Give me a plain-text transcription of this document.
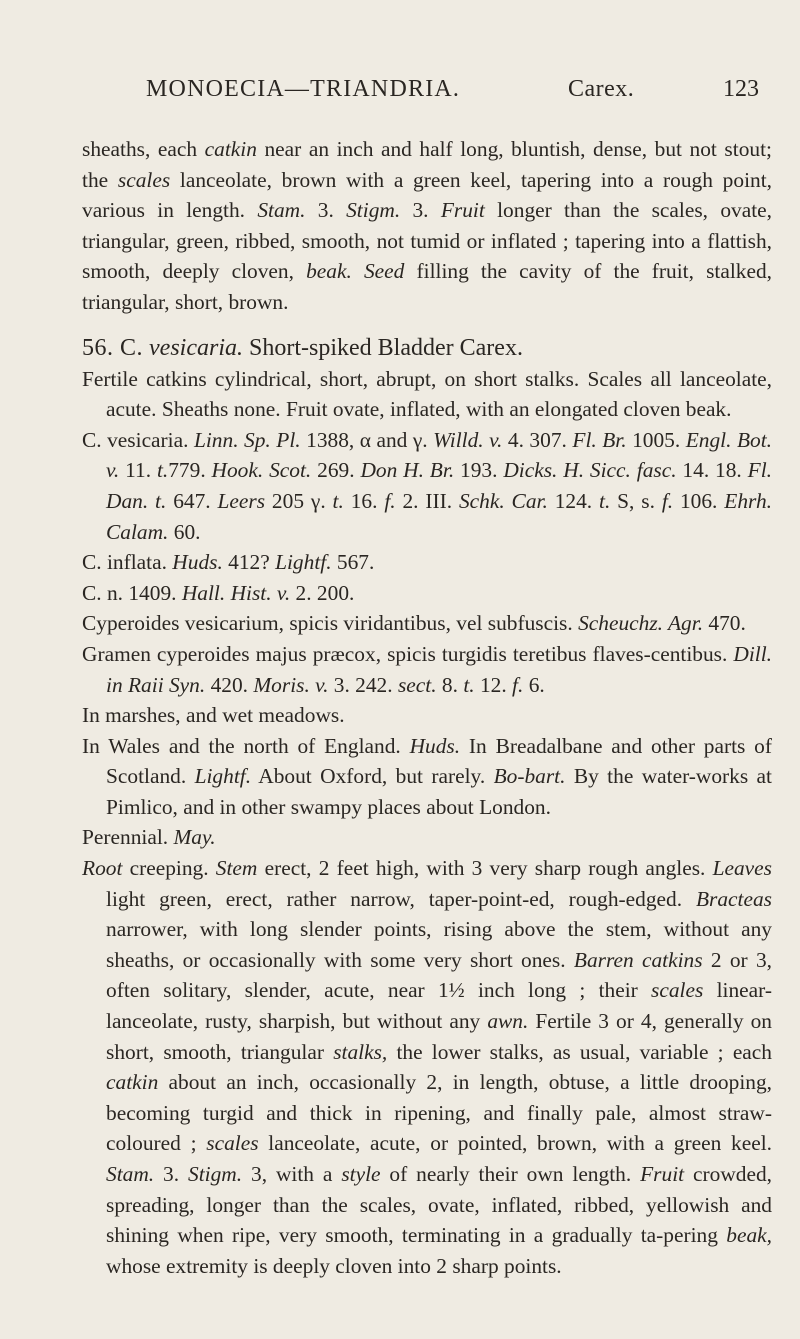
MONOECIA—TRIANDRIA.	Carex.	123

sheaths, each catkin near an inch and half long, bluntish, dense, but not stout; the scales lanceolate, brown with a green keel, tapering into a rough point, various in length. Stam. 3. Stigm. 3. Fruit longer than the scales, ovate, triangular, green, ribbed, smooth, not tumid or inflated ; tapering into a flattish, smooth, deeply cloven, beak. Seed filling the cavity of the fruit, stalked, triangular, short, brown.

56. C. vesicaria. Short-spiked Bladder Carex.

Fertile catkins cylindrical, short, abrupt, on short stalks. Scales all lanceolate, acute. Sheaths none. Fruit ovate, inflated, with an elongated cloven beak.

C. vesicaria. Linn. Sp. Pl. 1388, α and γ. Willd. v. 4. 307. Fl. Br. 1005. Engl. Bot. v. 11. t.779. Hook. Scot. 269. Don H. Br. 193. Dicks. H. Sicc. fasc. 14. 18. Fl. Dan. t. 647. Leers 205 γ. t. 16. f. 2. III. Schk. Car. 124. t. S, s. f. 106. Ehrh. Calam. 60.

C. inflata. Huds. 412? Lightf. 567.

C. n. 1409. Hall. Hist. v. 2. 200.

Cyperoides vesicarium, spicis viridantibus, vel subfuscis. Scheuchz. Agr. 470.

Gramen cyperoides majus præcox, spicis turgidis teretibus flaves-centibus. Dill. in Raii Syn. 420. Moris. v. 3. 242. sect. 8. t. 12. f. 6.

In marshes, and wet meadows.

In Wales and the north of England. Huds. In Breadalbane and other parts of Scotland. Lightf. About Oxford, but rarely. Bo-bart. By the water-works at Pimlico, and in other swampy places about London.

Perennial. May.

Root creeping. Stem erect, 2 feet high, with 3 very sharp rough angles. Leaves light green, erect, rather narrow, taper-point-ed, rough-edged. Bracteas narrower, with long slender points, rising above the stem, without any sheaths, or occasionally with some very short ones. Barren catkins 2 or 3, often solitary, slender, acute, near 1½ inch long ; their scales linear-lanceolate, rusty, sharpish, but without any awn. Fertile 3 or 4, generally on short, smooth, triangular stalks, the lower stalks, as usual, variable ; each catkin about an inch, occasionally 2, in length, obtuse, a little drooping, becoming turgid and thick in ripening, and finally pale, almost straw-coloured ; scales lanceolate, acute, or pointed, brown, with a green keel. Stam. 3. Stigm. 3, with a style of nearly their own length. Fruit crowded, spreading, longer than the scales, ovate, inflated, ribbed, yellowish and shining when ripe, very smooth, terminating in a gradually ta-pering beak, whose extremity is deeply cloven into 2 sharp points.
